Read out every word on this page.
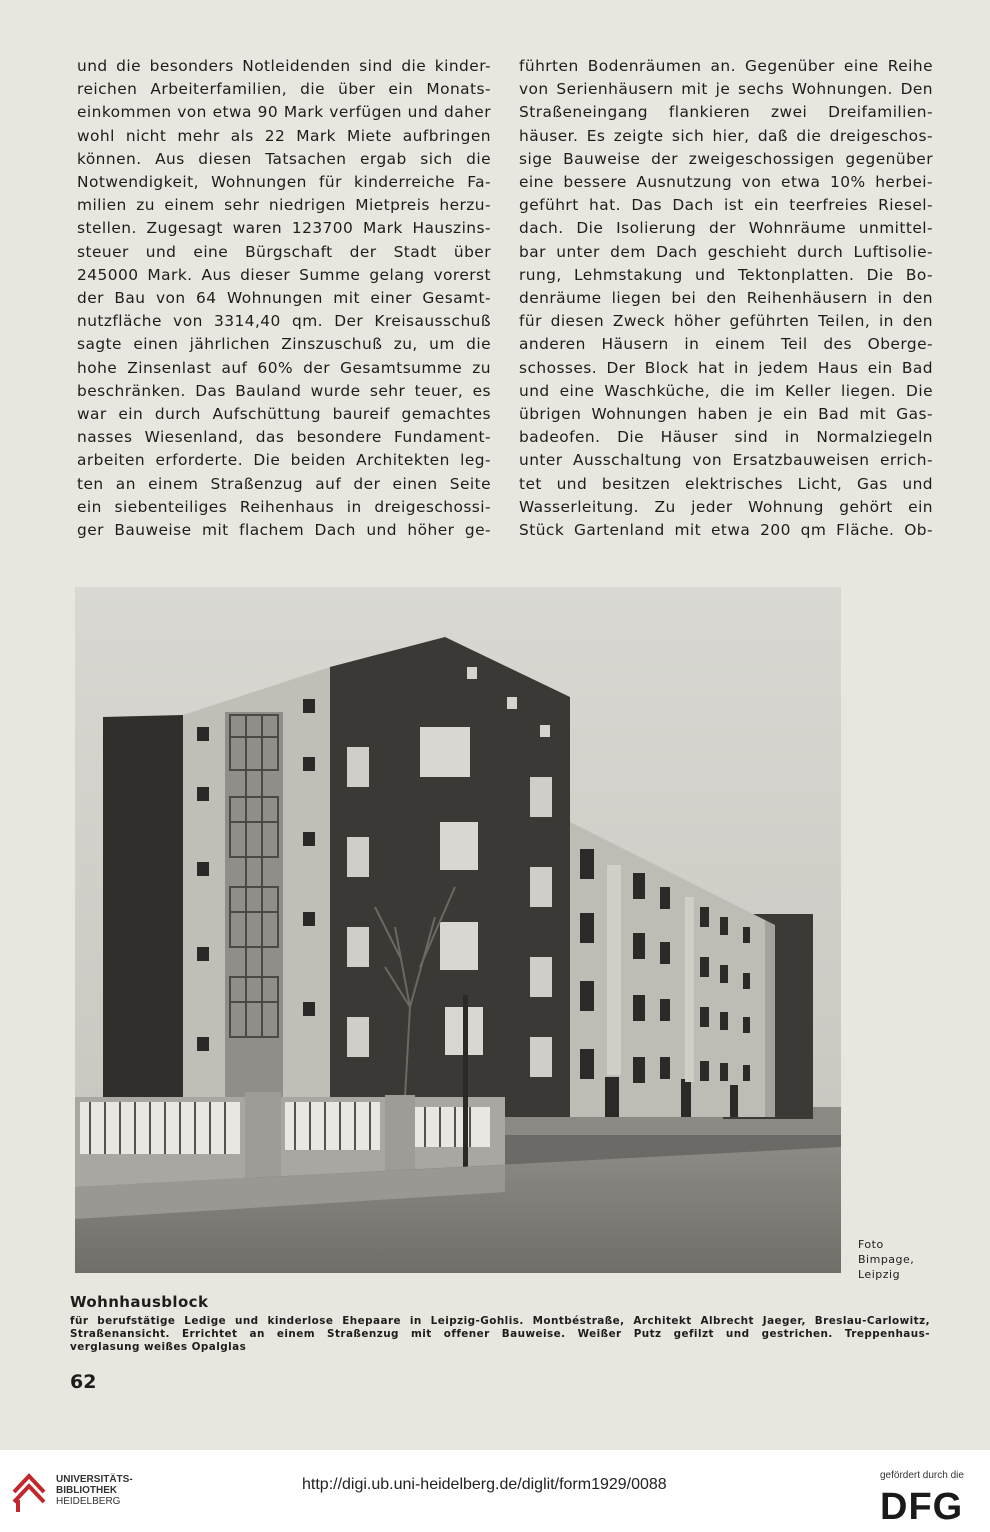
und die besonders Notleidenden sind die kinder-

reichen Arbeiterfamilien, die über ein Monats-

einkommen von etwa 90 Mark verfügen und daher

wohl nicht mehr als 22 Mark Miete aufbringen

können. Aus diesen Tatsachen ergab sich die

Notwendigkeit, Wohnungen für kinderreiche Fa-

milien zu einem sehr niedrigen Mietpreis herzu-

stellen. Zugesagt waren 123700 Mark Hauszins-

steuer und eine Bürgschaft der Stadt über

245000 Mark. Aus dieser Summe gelang vorerst

der Bau von 64 Wohnungen mit einer Gesamt-

nutzfläche von 3314,40 qm. Der Kreisausschuß

sagte einen jährlichen Zinszuschuß zu, um die

hohe Zinsenlast auf 60% der Gesamtsumme zu

beschränken. Das Bauland wurde sehr teuer, es

war ein durch Aufschüttung baureif gemachtes

nasses Wiesenland, das besondere Fundament-

arbeiten erforderte. Die beiden Architekten leg-

ten an einem Straßenzug auf der einen Seite

ein siebenteiliges Reihenhaus in dreigeschossi-

ger Bauweise mit flachem Dach und höher ge-

führten Bodenräumen an. Gegenüber eine Reihe

von Serienhäusern mit je sechs Wohnungen. Den

Straßeneingang flankieren zwei Dreifamilien-

häuser. Es zeigte sich hier, daß die dreigeschos-

sige Bauweise der zweigeschossigen gegenüber

eine bessere Ausnutzung von etwa 10% herbei-

geführt hat. Das Dach ist ein teerfreies Riesel-

dach. Die Isolierung der Wohnräume unmittel-

bar unter dem Dach geschieht durch Luftisolie-

rung, Lehmstakung und Tektonplatten. Die Bo-

denräume liegen bei den Reihenhäusern in den

für diesen Zweck höher geführten Teilen, in den

anderen Häusern in einem Teil des Oberge-

schosses. Der Block hat in jedem Haus ein Bad

und eine Waschküche, die im Keller liegen. Die

übrigen Wohnungen haben je ein Bad mit Gas-

badeofen. Die Häuser sind in Normalziegeln

unter Ausschaltung von Ersatzbauweisen errich-

tet und besitzen elektrisches Licht, Gas und

Wasserleitung. Zu jeder Wohnung gehört ein

Stück Gartenland mit etwa 200 qm Fläche. Ob-

Foto
Bimpage,
Leipzig
Wohnhausblock
für berufstätige Ledige und kinderlose Ehepaare in Leipzig-Gohlis. Montbéstraße, Architekt Albrecht Jaeger, Breslau-Carlowitz,
Straßenansicht. Errichtet an einem Straßenzug mit offener Bauweise. Weißer Putz gefilzt und gestrichen. Treppenhaus-
verglasung weißes Opalglas
62
UNIVERSITÄTS-
BIBLIOTHEK
HEIDELBERG
http://digi.ub.uni-heidelberg.de/diglit/form1929/0088
gefördert durch die
DFG
